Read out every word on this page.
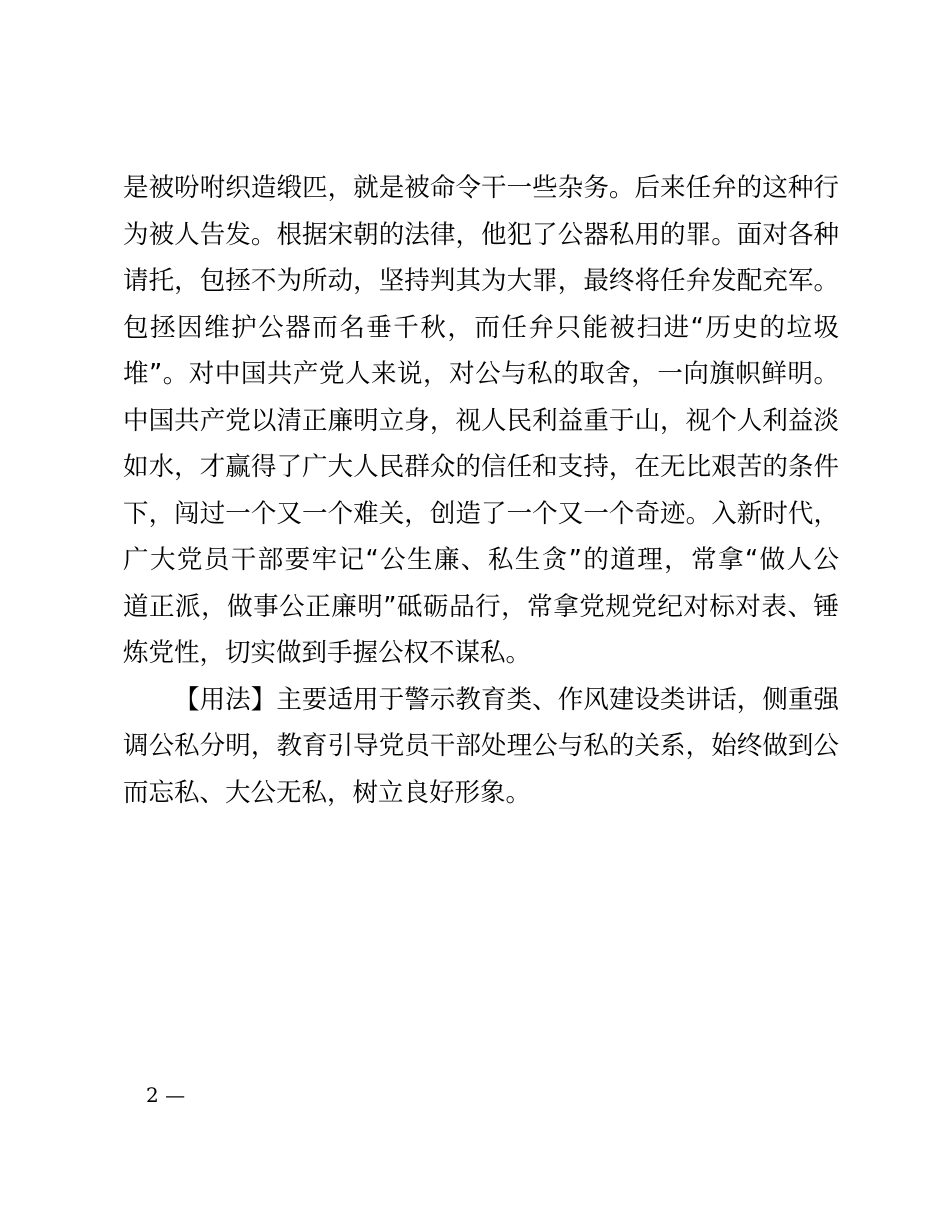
是被吩咐织造缎匹，就是被命令干一些杂务。后来任弁的这种行
为被人告发。根据宋朝的法律，他犯了公器私用的罪。面对各种
请托，包拯不为所动，坚持判其为大罪，最终将任弁发配充军。
包拯因维护公器而名垂千秋，而任弁只能被扫进“历史的垃圾
堆”。对中国共产党人来说，对公与私的取舍，一向旗帜鲜明。
中国共产党以清正廉明立身，视人民利益重于山，视个人利益淡
如水，才赢得了广大人民群众的信任和支持，在无比艰苦的条件
下，闯过一个又一个难关，创造了一个又一个奇迹。入新时代，
广大党员干部要牢记“公生廉、私生贪”的道理，常拿“做人公
道正派，做事公正廉明”砥砺品行，常拿党规党纪对标对表、锤
炼党性，切实做到手握公权不谋私。
【用法】主要适用于警示教育类、作风建设类讲话，侧重强
调公私分明，教育引导党员干部处理公与私的关系，始终做到公
而忘私、大公无私，树立良好形象。
2 —
